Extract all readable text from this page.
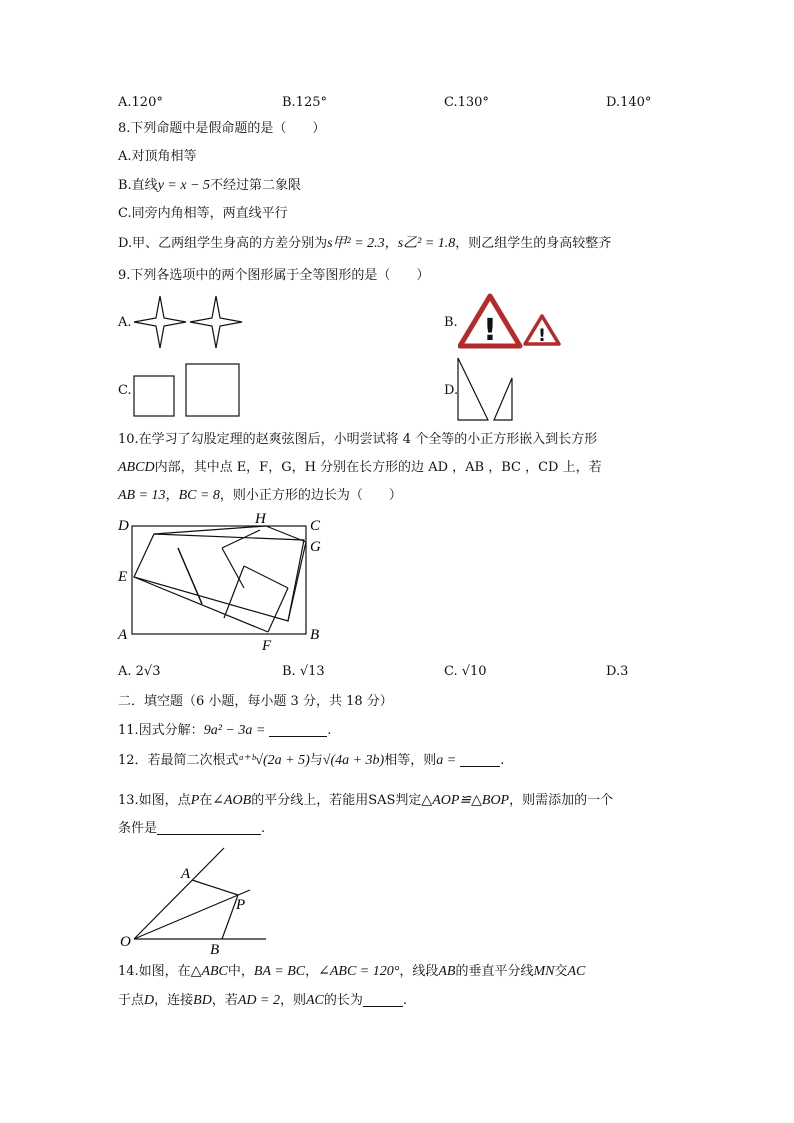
A.120°	B.125°	C.130°	D.140°
8.下列命题中是假命题的是（　　）
A.对顶角相等
B.直线y = x − 5不经过第二象限
C.同旁内角相等，两直线平行
D.甲、乙两组学生身高的方差分别为s甲² = 2.3，s乙² = 1.8，则乙组学生的身高较整齐
9.下列各选项中的两个图形属于全等图形的是（　　）
A.	B. ! !
C.	D.
10.在学习了勾股定理的赵爽弦图后，小明尝试将 4 个全等的小正方形嵌入到长方形
ABCD内部，其中点 E，F，G，H 分别在长方形的边 AD ，AB ，BC ，CD 上，若
AB = 13，BC = 8，则小正方形的边长为（　　）
D	C
H
G
E
A	B
F
A. 2√3	B. √13	C. √10	D.3
二．填空题（6 小题，每小题 3 分，共 18 分）
11.因式分解：9a² − 3a =	.
12．若最简二次根式ᵃ⁺ᵇ√(2a + 5)与√(4a + 3b)相等，则a =	.
13.如图，点P在∠AOB的平分线上，若能用SAS判定△AOP≌△BOP，则需添加的一个
条件是	.
A
P
O	B
14.如图，在△ABC中，BA = BC，∠ABC = 120°，线段AB的垂直平分线MN交AC
于点D，连接BD，若AD = 2，则AC的长为	.
